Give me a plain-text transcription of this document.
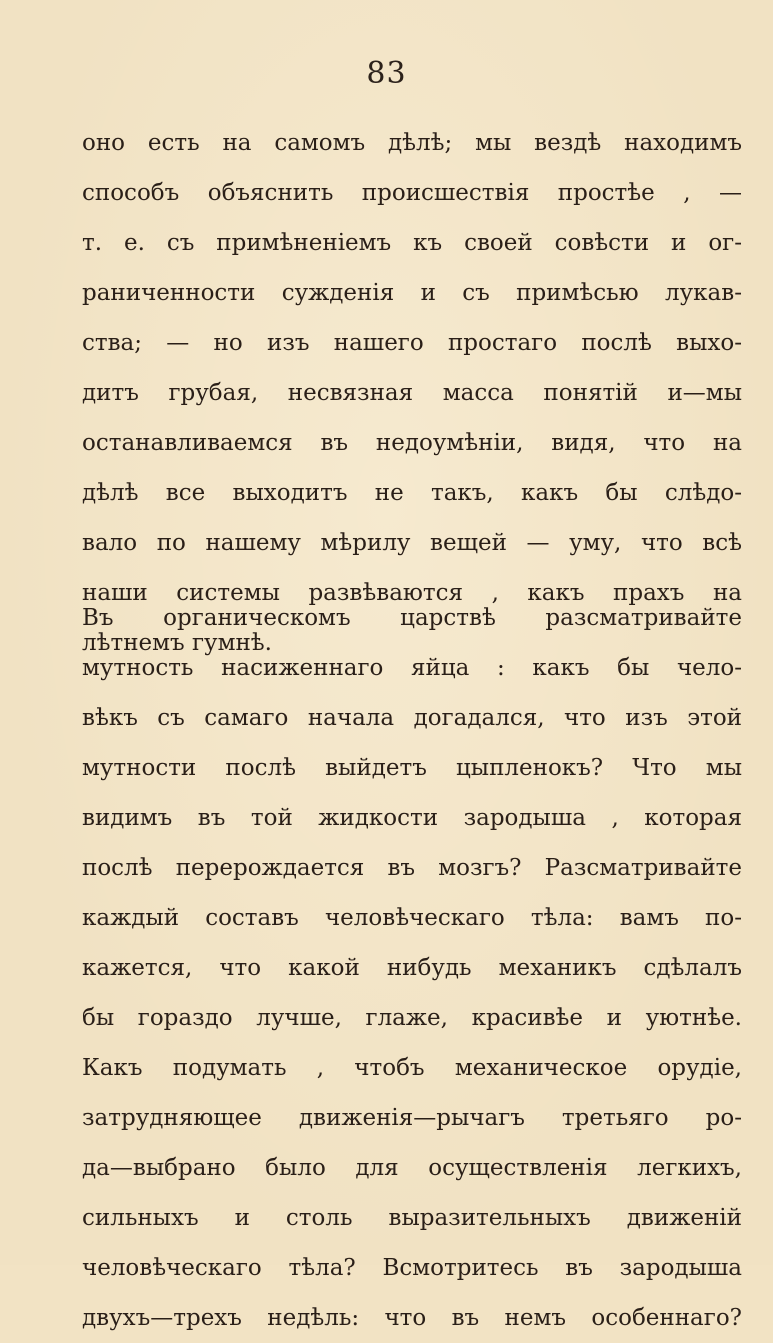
83
оно есть на самомъ дѣлѣ; мы вездѣ находимъ
способъ объяснить происшествія простѣе , —
т. е. съ примѣненіемъ къ своей совѣсти и ог-
раниченности сужденія и съ примѣсью лукав-
ства; — но изъ нашего простаго послѣ выхо-
дитъ грубая, несвязная масса понятій и—мы
останавливаемся въ недоумѣніи, видя, что на
дѣлѣ все выходитъ не такъ, какъ бы слѣдо-
вало по нашему мѣрилу вещей — уму, что всѣ
наши системы развѣваются , какъ прахъ на
лѣтнемъ гумнѣ.
Въ органическомъ царствѣ разсматривайте
мутность насиженнаго яйца : какъ бы чело-
вѣкъ съ самаго начала догадался, что изъ этой
мутности послѣ выйдетъ цыпленокъ? Что мы
видимъ въ той жидкости зародыша , которая
послѣ перерождается въ мозгъ? Разсматривайте
каждый составъ человѣческаго тѣла: вамъ по-
кажется, что какой нибудь механикъ сдѣлалъ
бы гораздо лучше, глаже, красивѣе и уютнѣе.
Какъ подумать , чтобъ механическое орудіе,
затрудняющее движенія—рычагъ третьяго ро-
да—выбрано было для осуществленія легкихъ,
сильныхъ и столь выразительныхъ движеній
человѣческаго тѣла? Всмотритесь въ зародыша
двухъ—трехъ недѣль: что въ немъ особеннаго?
